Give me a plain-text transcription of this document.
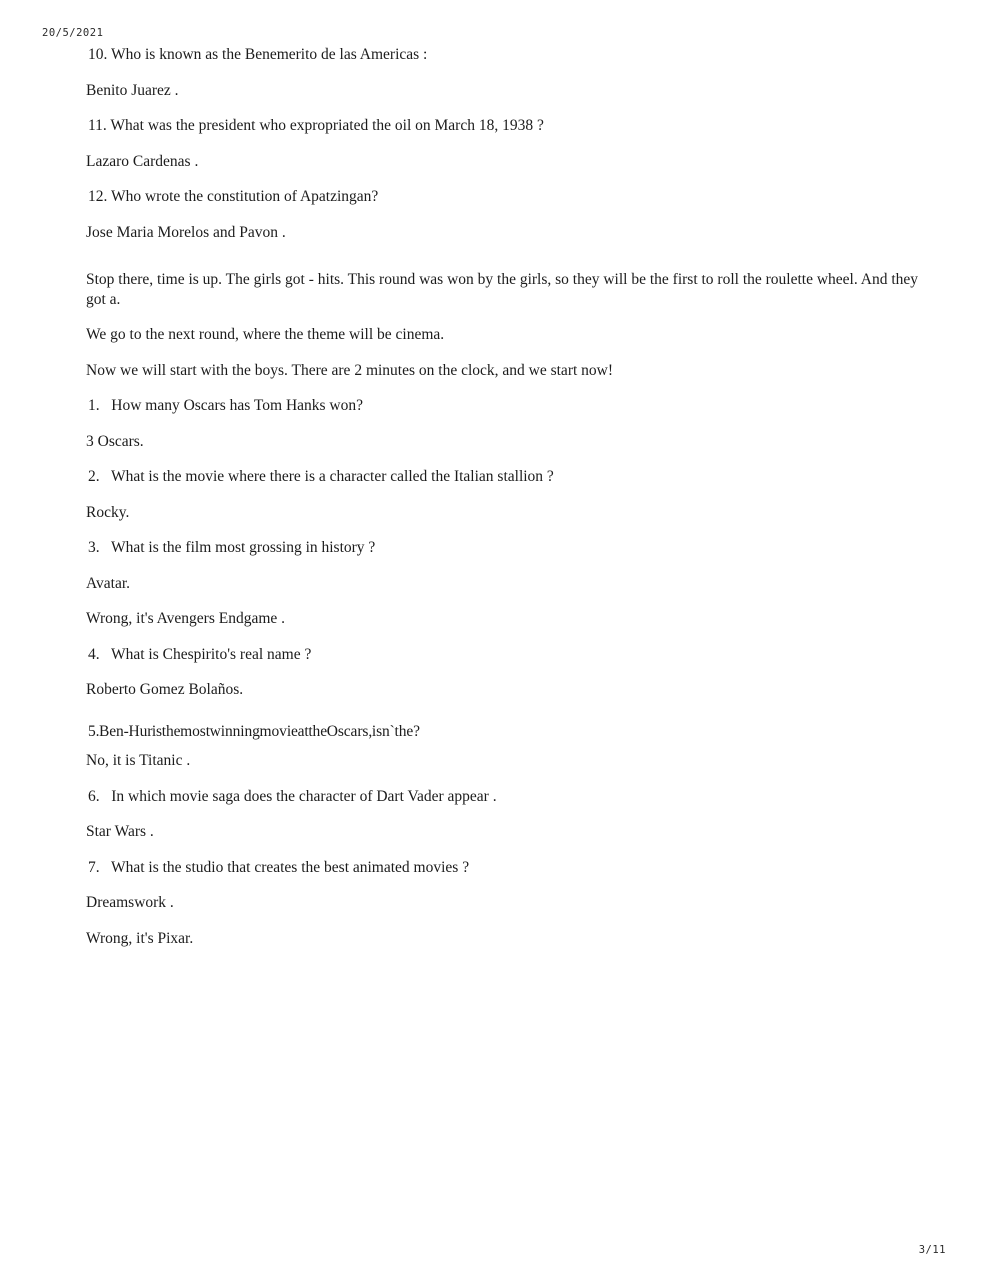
20/5/2021

10. Who is known as the Benemerito de las Americas :

Benito Juarez .

11. What was the president who expropriated the oil on March 18, 1938 ?

Lazaro Cardenas .

12. Who wrote the constitution of Apatzingan?

Jose Maria Morelos and Pavon .

Stop there, time is up. The girls got - hits. This round was won by the girls, so they will be the first to roll the roulette wheel. And they got a.

We go to the next round, where the theme will be cinema.

Now we will start with the boys. There are 2 minutes on the clock, and we start now!

1.   How many Oscars has Tom Hanks won?

3 Oscars.

2.   What is the movie where there is a character called the Italian stallion ?

Rocky.

3.   What is the film most grossing in history ?

Avatar.

Wrong, it's Avengers Endgame .

4.   What is Chespirito's real name ?

Roberto Gomez Bolaños.

5.  Ben- Hur  is the most winning movie at the Oscars, isn` the?

No, it is Titanic .

6.   In which movie saga does the character of Dart Vader appear .

Star Wars .

7.   What is the studio that creates the best animated movies ?

Dreamswork .

Wrong, it's Pixar.

3/11
